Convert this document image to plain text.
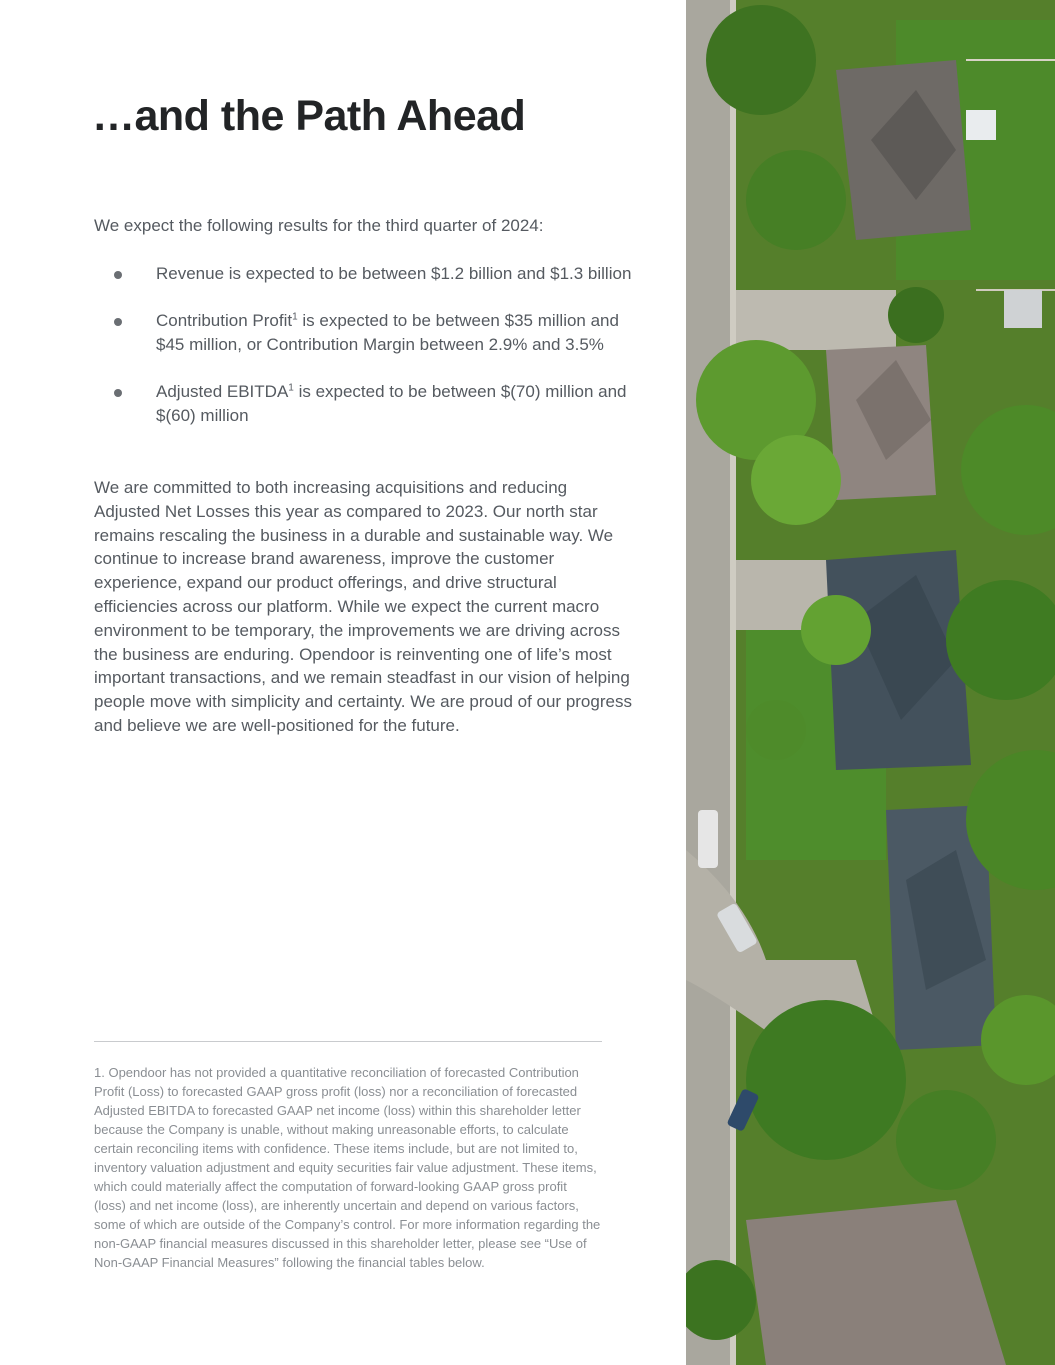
…and the Path Ahead

We expect the following results for the third quarter of 2024:

Revenue is expected to be between $1.2 billion and $1.3 billion
Contribution Profit$^1$ is expected to be between $35 million and $45 million, or Contribution Margin between 2.9% and 3.5%
Adjusted EBITDA$^1$ is expected to be between $(70) million and $(60) million

We are committed to both increasing acquisitions and reducing Adjusted Net Losses this year as compared to 2023. Our north star remains rescaling the business in a durable and sustainable way. We continue to increase brand awareness, improve the customer experience, expand our product offerings, and drive structural efficiencies across our platform. While we expect the current macro environment to be temporary, the improvements we are driving across the business are enduring. Opendoor is reinventing one of life’s most important transactions, and we remain steadfast in our vision of helping people move with simplicity and certainty. We are proud of our progress and believe we are well-positioned for the future.

1. Opendoor has not provided a quantitative reconciliation of forecasted Contribution Profit (Loss) to forecasted GAAP gross profit (loss) nor a reconciliation of forecasted Adjusted EBITDA to forecasted GAAP net income (loss) within this shareholder letter because the Company is unable, without making unreasonable efforts, to calculate certain reconciling items with confidence. These items include, but are not limited to, inventory valuation adjustment and equity securities fair value adjustment. These items, which could materially affect the computation of forward-looking GAAP gross profit (loss) and net income (loss), are inherently uncertain and depend on various factors, some of which are outside of the Company’s control. For more information regarding the non-GAAP financial measures discussed in this shareholder letter, please see “Use of Non-GAAP Financial Measures” following the financial tables below.
